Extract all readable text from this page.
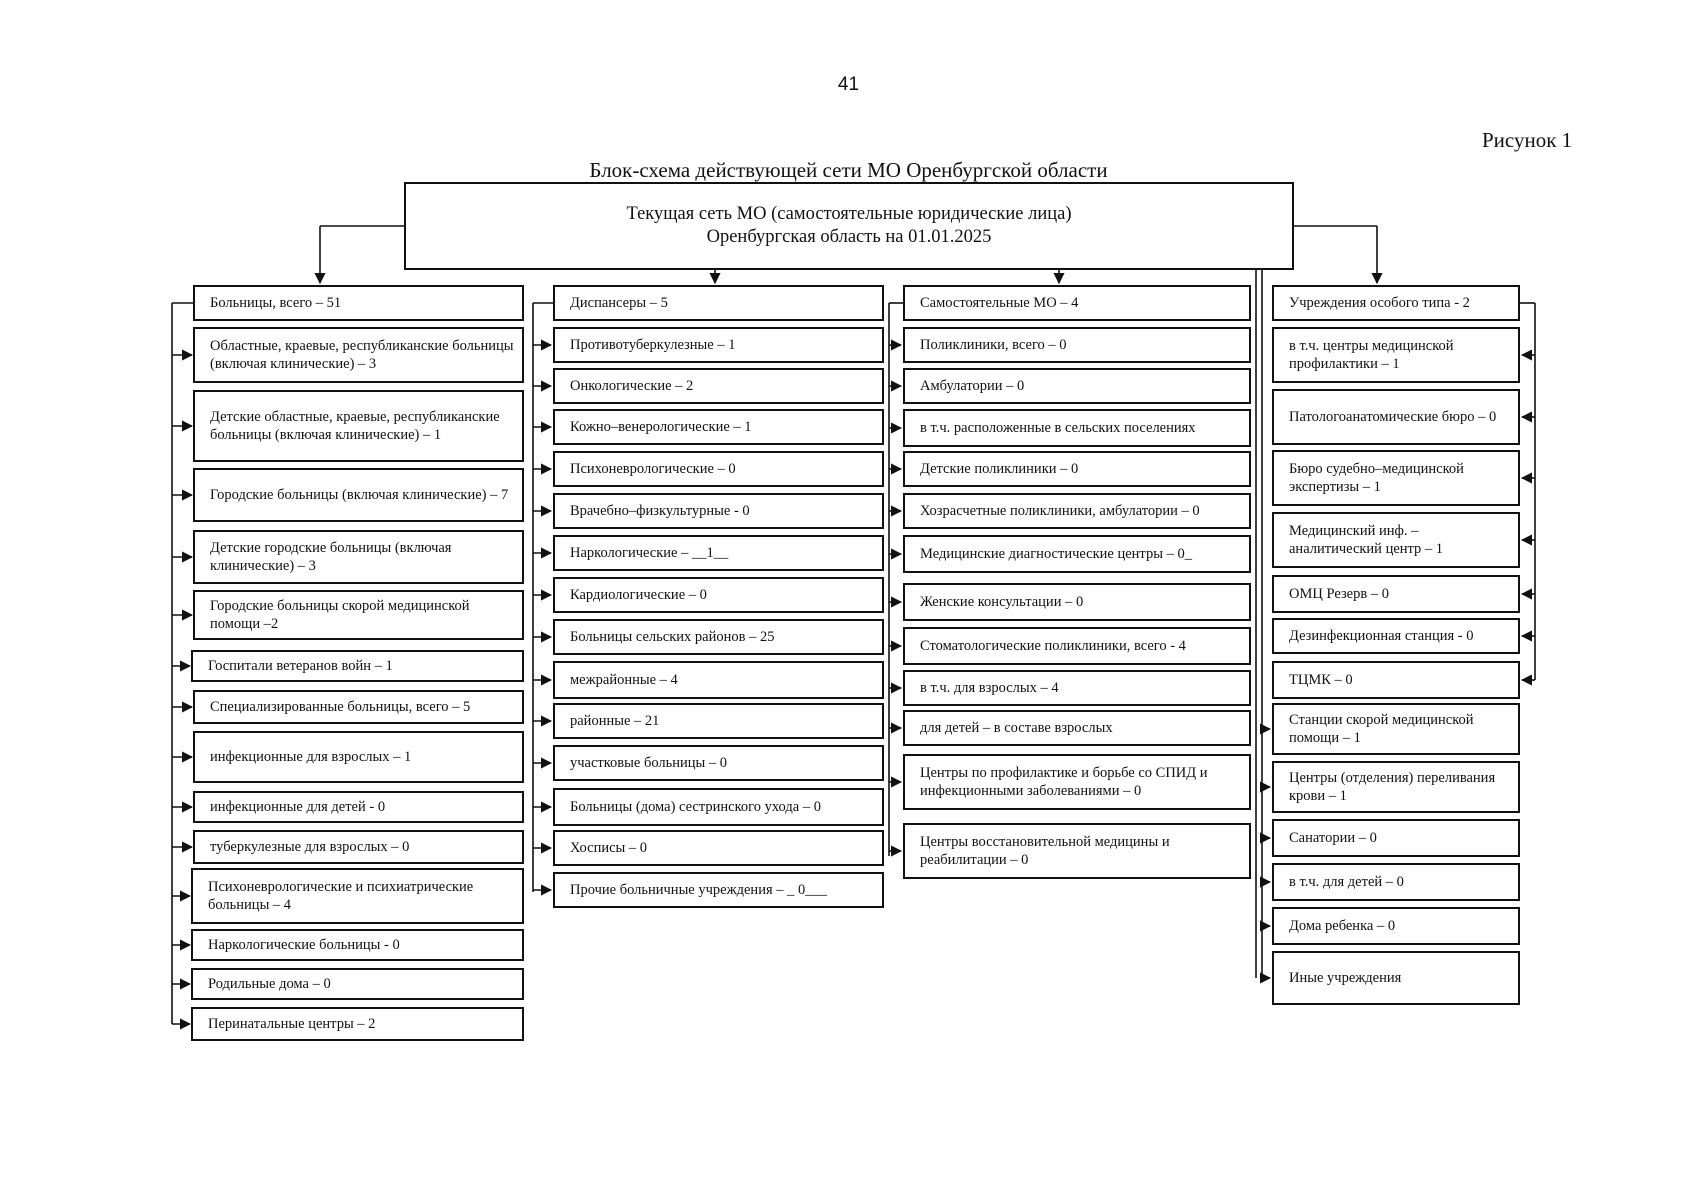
41
Рисунок 1
Блок-схема действующей сети МО Оренбургской области
Текущая сеть МО (самостоятельные юридические лица)
Оренбургская область на 01.01.2025
Больницы, всего – 51
Областные, краевые, республиканские больницы (включая клинические) – 3
Детские областные, краевые, республиканские больницы (включая клинические) – 1
Городские больницы (включая клинические) – 7
Детские городские больницы (включая клинические) – 3
Городские больницы скорой медицинской помощи –2
Госпитали ветеранов войн – 1
Специализированные больницы, всего – 5
инфекционные для взрослых – 1
инфекционные для детей - 0
туберкулезные для взрослых – 0
Психоневрологические и психиатрические больницы – 4
Наркологические больницы - 0
Родильные дома – 0
Перинатальные центры – 2
Диспансеры – 5
Противотуберкулезные – 1
Онкологические – 2
Кожно–венерологические – 1
Психоневрологические – 0
Врачебно–физкультурные - 0
Наркологические – __1__
Кардиологические – 0
Больницы сельских районов – 25
межрайонные – 4
районные – 21
участковые больницы – 0
Больницы (дома) сестринского ухода – 0
Хосписы – 0
Прочие больничные учреждения – _ 0___
Самостоятельные МО – 4
Поликлиники, всего – 0
Амбулатории – 0
в т.ч. расположенные в сельских поселениях
Детские поликлиники – 0
Хозрасчетные поликлиники, амбулатории – 0
Медицинские диагностические центры – 0_
Женские консультации – 0
Стоматологические поликлиники, всего - 4
в т.ч. для взрослых – 4
для детей – в составе взрослых
Центры по профилактике и борьбе со СПИД и инфекционными заболеваниями – 0
Центры восстановительной медицины и реабилитации – 0
Учреждения особого типа - 2
в т.ч. центры медицинской профилактики – 1
Патологоанатомические бюро – 0
Бюро судебно–медицинской экспертизы – 1
Медицинский инф. – аналитический центр – 1
ОМЦ Резерв – 0
Дезинфекционная станция - 0
ТЦМК – 0
Станции скорой медицинской помощи – 1
Центры (отделения) переливания крови – 1
Санатории – 0
в т.ч. для детей – 0
Дома ребенка – 0
Иные учреждения
